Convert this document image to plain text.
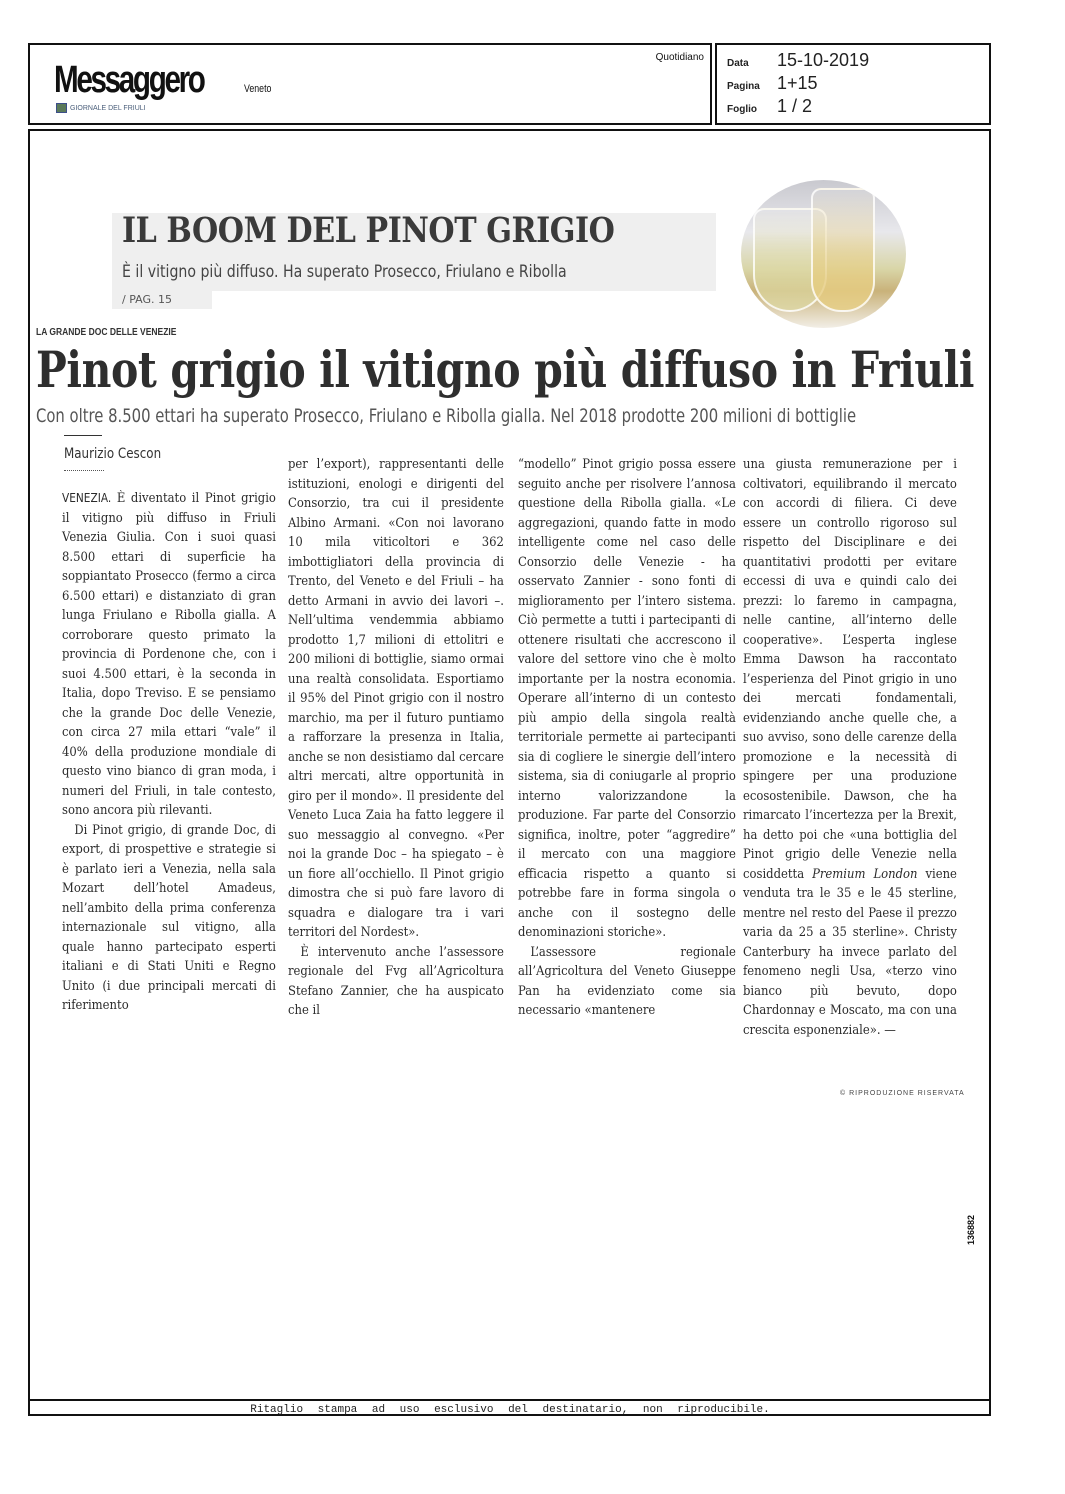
Messaggero	Veneto
GIORNALE DEL FRIULI
Quotidiano
Data	15-10-2019
Pagina 1+15
Foglio	1 / 2
IL BOOM DEL PINOT GRIGIO
È il vitigno più diffuso. Ha superato Prosecco, Friulano e Ribolla
/ PAG. 15
LA GRANDE DOC DELLE VENEZIE
Pinot grigio il vitigno più diffuso in Friuli
Con oltre 8.500 ettari ha superato Prosecco, Friulano e Ribolla gialla. Nel 2018 prodotte 200 milioni di bottiglie
Maurizio Cescon

VENEZIA. È diventato il Pinot grigio il vitigno più diffuso in Friuli Venezia Giulia. Con i suoi quasi 8.500 ettari di superficie ha soppiantato Prosecco (fermo a circa 6.500 ettari) e distanziato di gran lunga Friulano e Ribolla gialla. A corroborare questo primato la provincia di Pordenone che, con i suoi 4.500 ettari, è la seconda in Italia, dopo Treviso. E se pensiamo che la grande Doc delle Venezie, con circa 27 mila ettari “vale” il 40% della produzione mondiale di questo vino bianco di gran moda, i numeri del Friuli, in tale contesto, sono ancora più rilevanti.

Di Pinot grigio, di grande Doc, di export, di prospettive e strategie si è parlato ieri a Venezia, nella sala Mozart dell’hotel Amadeus, nell’ambito della prima conferenza internazionale sul vitigno, alla quale hanno partecipato esperti italiani e di Stati Uniti e Regno Unito (i due principali mercati di riferimento

per l’export), rappresentanti delle istituzioni, enologi e dirigenti del Consorzio, tra cui il presidente Albino Armani. «Con noi lavorano 10 mila viticoltori e 362 imbottigliatori della provincia di Trento, del Veneto e del Friuli – ha detto Armani in avvio dei lavori –. Nell’ultima vendemmia abbiamo prodotto 1,7 milioni di ettolitri e 200 milioni di bottiglie, siamo ormai una realtà consolidata. Esportiamo il 95% del Pinot grigio con il nostro marchio, ma per il futuro puntiamo a rafforzare la presenza in Italia, anche se non desistiamo dal cercare altri mercati, altre opportunità in giro per il mondo». Il presidente del Veneto Luca Zaia ha fatto leggere il suo messaggio al convegno. «Per noi la grande Doc – ha spiegato – è un fiore all’occhiello. Il Pinot grigio dimostra che si può fare lavoro di squadra e dialogare tra i vari territori del Nordest».

È intervenuto anche l’assessore regionale del Fvg all’Agricoltura Stefano Zannier, che ha auspicato che il

“modello” Pinot grigio possa essere seguito anche per risolvere l’annosa questione della Ribolla gialla. «Le aggregazioni, quando fatte in modo intelligente come nel caso delle Consorzio delle Venezie - ha osservato Zannier - sono fonti di miglioramento per l’intero sistema. Ciò permette a tutti i partecipanti di ottenere risultati che accrescono il valore del settore vino che è molto importante per la nostra economia. Operare all’interno di un contesto più ampio della singola realtà territoriale permette ai partecipanti sia di cogliere le sinergie dell’intero sistema, sia di coniugarle al proprio interno valorizzandone la produzione. Far parte del Consorzio significa, inoltre, poter “aggredire” il mercato con una maggiore efficacia rispetto a quanto si potrebbe fare in forma singola o anche con il sostegno delle denominazioni storiche».

L’assessore regionale all’Agricoltura del Veneto Giuseppe Pan ha evidenziato come sia necessario «mantenere

una giusta remunerazione per i coltivatori, equilibrando il mercato con accordi di filiera. Ci deve essere un controllo rigoroso sul rispetto del Disciplinare e dei quantitativi prodotti per evitare eccessi di uva e quindi calo dei prezzi: lo faremo in campagna, nelle cantine, all’interno delle cooperative». L’esperta inglese Emma Dawson ha raccontato l’esperienza del Pinot grigio in uno dei mercati fondamentali, evidenziando anche quelle che, a suo avviso, sono delle carenze della promozione e la necessità di spingere per una produzione ecosostenibile. Dawson, che ha rimarcato l’incertezza per la Brexit, ha detto poi che «una bottiglia del Pinot grigio delle Venezie nella cosiddetta Premium London viene venduta tra le 35 e le 45 sterline, mentre nel resto del Paese il prezzo varia da 25 a 35 sterline». Christy Canterbury ha invece parlato del fenomeno negli Usa, «terzo vino bianco più bevuto, dopo Chardonnay e Moscato, ma con una crescita esponenziale». —

© RIPRODUZIONE RISERVATA
136882
Ritaglio stampa ad uso esclusivo del destinatario, non riproducibile.
